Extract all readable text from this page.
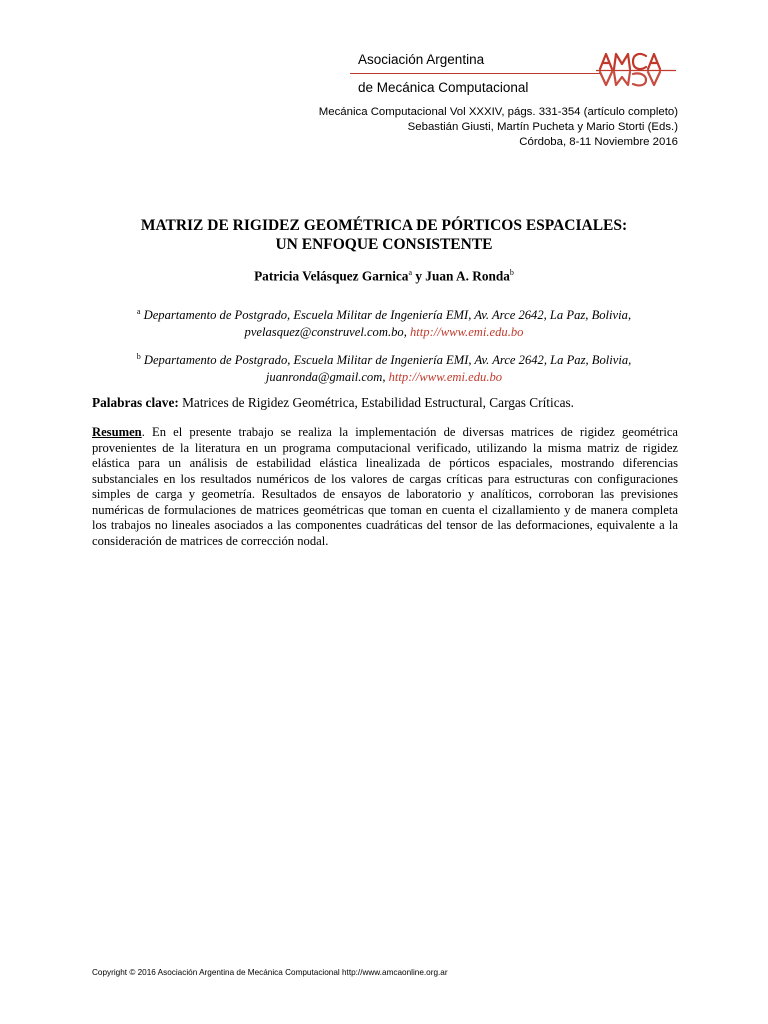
Asociación Argentina
de Mecánica Computacional
Mecánica Computacional Vol XXXIV, págs. 331-354 (artículo completo)
Sebastián Giusti, Martín Pucheta y Mario Storti (Eds.)
Córdoba, 8-11 Noviembre 2016
MATRIZ DE RIGIDEZ GEOMÉTRICA DE PÓRTICOS ESPACIALES:
UN ENFOQUE CONSISTENTE
Patricia Velásquez Garnica$^a$ y Juan A. Ronda$^b$
$^a$ Departamento de Postgrado, Escuela Militar de Ingeniería EMI, Av. Arce 2642, La Paz, Bolivia,
pvelasquez@construvel.com.bo, http://www.emi.edu.bo
$^b$ Departamento de Postgrado, Escuela Militar de Ingeniería EMI, Av. Arce 2642, La Paz, Bolivia,
juanronda@gmail.com, http://www.emi.edu.bo
Palabras clave: Matrices de Rigidez Geométrica, Estabilidad Estructural, Cargas Críticas.
Resumen. En el presente trabajo se realiza la implementación de diversas matrices de rigidez geométrica provenientes de la literatura en un programa computacional verificado, utilizando la misma matriz de rigidez elástica para un análisis de estabilidad elástica linealizada de pórticos espaciales, mostrando diferencias substanciales en los resultados numéricos de los valores de cargas críticas para estructuras con configuraciones simples de carga y geometría. Resultados de ensayos de laboratorio y analíticos, corroboran las previsiones numéricas de formulaciones de matrices geométricas que toman en cuenta el cizallamiento y de manera completa los trabajos no lineales asociados a las componentes cuadráticas del tensor de las deformaciones, equivalente a la consideración de matrices de corrección nodal.
Copyright © 2016 Asociación Argentina de Mecánica Computacional http://www.amcaonline.org.ar
